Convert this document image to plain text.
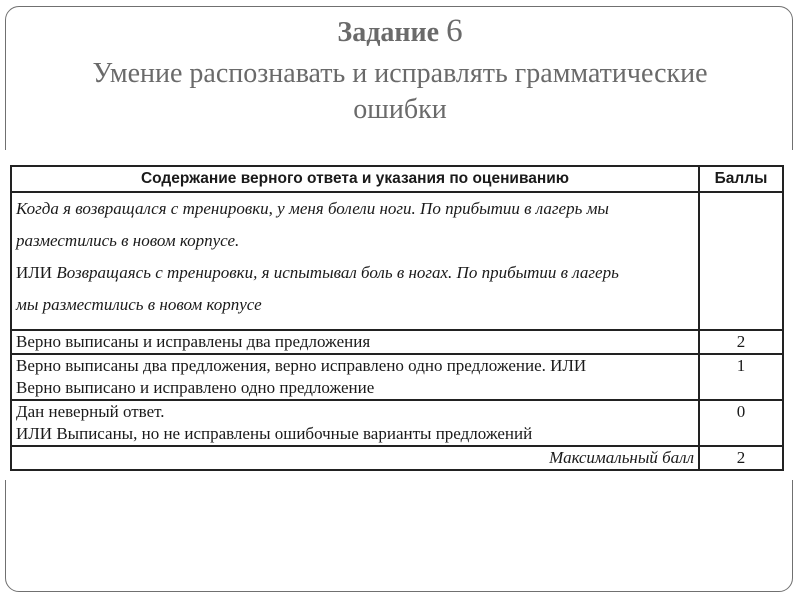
Задание 6
Умение распознавать и исправлять грамматические
ошибки
Содержание верного ответа и указания по оцениванию	Баллы

Когда я возвращался с тренировки, у меня болели ноги. По прибытии в лагерь мы

разместились в новом корпусе.

ИЛИ Возвращаясь с тренировки, я испытывал боль в ногах. По прибытии в лагерь

мы разместились в новом корпусе	

Верно выписаны и исправлены два предложения	2

Верно выписаны два предложения, верно исправлено одно предложение. ИЛИ
Верно выписано и исправлено одно предложение	1

Дан неверный ответ.
ИЛИ Выписаны, но не исправлены ошибочные варианты предложений	0
Максимальный балл	2
